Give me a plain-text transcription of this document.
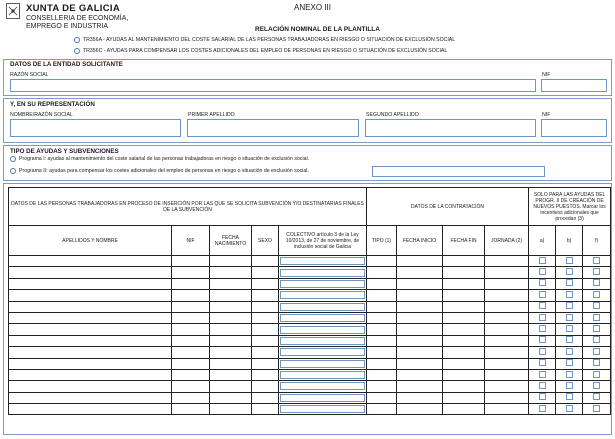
XUNTA DE GALICIA
CONSELLERIA DE ECONOMÍA,
EMPREGO E INDUSTRIA
ANEXO III
RELACIÓN NOMINAL DE LA PLANTILLA
TR356A - AYUDAS AL MANTENIMIENTO DEL COSTE SALARIAL DE LAS PERSONAS TRABAJADORAS EN RIESGO O SITUACIÓN DE EXCLUSIÓN SOCIAL
TR356C - AYUDAS PARA COMPENSAR LOS COSTES ADICIONALES DEL EMPLEO DE PERSONAS EN RIESGO O SITUACIÓN DE EXCLUSIÓN SOCIAL
DATOS DE LA ENTIDAD SOLICITANTE
RAZÓN SOCIAL	NIF
Y, EN SU REPRESENTACIÓN
NOMBRE/RAZÓN SOCIAL	PRIMER APELLIDO	SEGUNDO APELLIDO	NIF
TIPO DE AYUDAS Y SUBVENCIONES
Programa I: ayudas al mantenimiento del coste salarial de las personas trabajadoras en riesgo o situación de exclusión social.
Programa II: ayudas para compensar los costes adicionales del empleo de personas en riesgo o situación de exclusión social.
DATOS DE LAS PERSONAS TRABAJADORAS EN PROCESO DE INSERCIÓN POR LAS QUE SE SOLICITA SUBVENCIÓN Y/O DESTINATARIAS FINALES DE LA SUBVENCIÓN					DATOS DE LA CONTRATACIÓN				SOLO PARA LAS AYUDAS DEL PROGR. II DE CREACIÓN DE NUEVOS PUESTOS. Marcar los incentivos adicionales que procedan (3)		
APELLIDOS Y NOMBRE	NIF	FECHA NACIMIENTO	SEXO	COLECTIVO artículo 3 de la Ley 10/2013, de 27 de noviembre, de inclusión social de Galicia	TIPO (1)	FECHA INICIO	FECHA FIN	JORNADA (2)	a)	b)	f)
